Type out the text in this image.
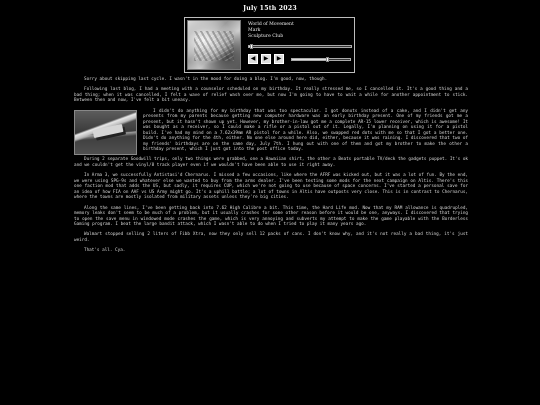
July 15th 2023
World of Movement
Mark
Sculpture Club
◀	▶	▶

Sorry about skipping last cycle. I wasn't in the mood for doing a blog. I'm good, now, though.

Following last blog, I had a meeting with a counselor scheduled on my birthday. It really stressed me, so I cancelled it. It's a good thing and a bad thing; when it was cancelled, I felt a wave of relief wash over me, but now I'm going to have to wait a while for another appointment to stick. Between then and now, I've felt a bit uneasy.

I didn't do anything for my birthday that was too spectacular. I got donuts instead of a cake, and I didn't get any presents from my parents because getting new computer hardware was an early birthday present. One of my friends got me a present, but it hasn't shown up yet. However, my brother-in-law got me a complete AR-15 lower receiver, which is awesome! It was bought as a receiver, so I could make a rifle or a pistol out of it. Legally, I'm planning on using it for a pistol build. I've had my mind on a 7.62x39mm AR pistol for a while. Also, we swapped red dots with me so that I got a better one. Didn't do anything for the 4th, either. No one else around here did, either, because it was raining. I discovered that two of my friends' birthdays are on the same day, July 7th. I hung out with one of them and got my brother to make the other a birthday present, which I just got into the post office today.

During 2 separate Goodwill trips, only two things were grabbed, one a Hawaiian shirt, the other a Beats portable TV/deck the gadgets puppet. It's ok and we couldn't get the vinyl/8 track player even if we wouldn't have been able to use it right away.

In Arma 3, we successfully Antistasi'd Chernarus. I missed a few occasions, like where the AFRF was kicked out, but it was a lot of fun. By the end, we were using SPG-9s and whatever else we wanted to buy from the arms dealer. I've been testing some mods for the next campaign on Altis. There's this one faction mod that adds the US, but sadly, it requires CUP, which we're not going to use because of space concerns. I've started a personal save for an idea of how FIA on AAF vs US Army might go. It's a uphill battle; a lot of towns in Altis have outposts very close. This is in contrast to Chernarus, where the towns are mostly isolated from military assets unless they're big cities.

Along the same lines, I've been getting back into 7.62 High Calibre a bit. This time, the Hard Life mod. Now that my RAM allowance is quadrupled, memory leaks don't seem to be much of a problem, but it usually crashes for some other reason before it would be one, anyways. I discovered that trying to open the save menu in windowed mode crashes the game, which is very annoying and subverts my attempt to make the game playable with the Borderless Gaming program. I beat the large bandit attack, which I wasn't able to do when I tried to play it many years ago.

Walmart stopped selling 2 liters of Fibb Xtra, now they only sell 12 packs of cans. I don't know why, and it's not really a bad thing, it's just weird.

That's all. Cya.
